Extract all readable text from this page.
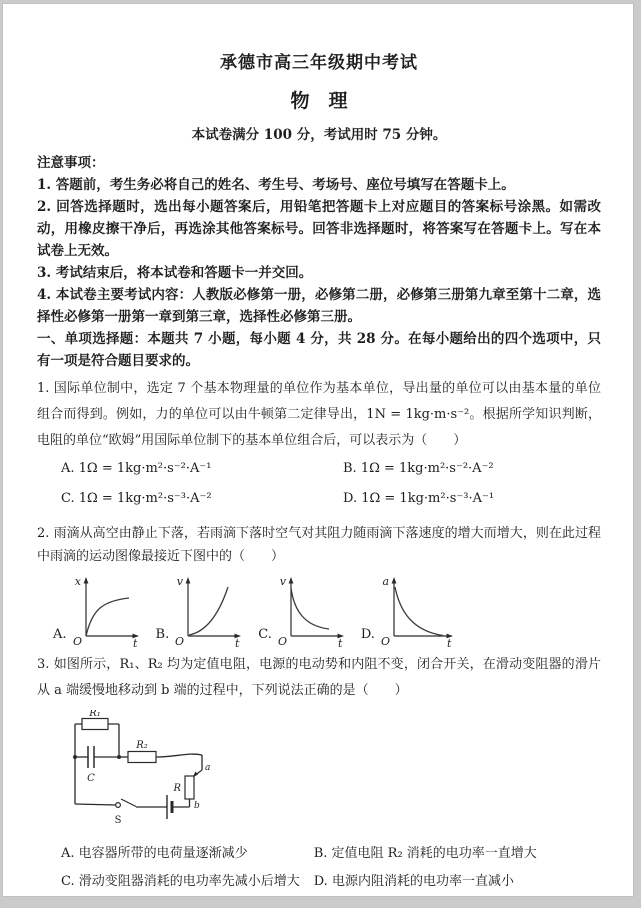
承德市高三年级期中考试
物　理
本试卷满分 100 分，考试用时 75 分钟。
注意事项：
1. 答题前，考生务必将自己的姓名、考生号、考场号、座位号填写在答题卡上。
2. 回答选择题时，选出每小题答案后，用铅笔把答题卡上对应题目的答案标号涂黑。如需改动，用橡皮擦干净后，再选涂其他答案标号。回答非选择题时，将答案写在答题卡上。写在本试卷上无效。
3. 考试结束后，将本试卷和答题卡一并交回。
4. 本试卷主要考试内容：人教版必修第一册，必修第二册，必修第三册第九章至第十二章，选择性必修第一册第一章到第三章，选择性必修第三册。
一、单项选择题：本题共 7 小题，每小题 4 分，共 28 分。在每小题给出的四个选项中，只有一项是符合题目要求的。

1. 国际单位制中，选定 7 个基本物理量的单位作为基本单位，导出量的单位可以由基本量的单位组合而得到。例如，力的单位可以由牛顿第二定律导出，1N = 1kg·m·s⁻²。根据所学知识判断，电阻的单位“欧姆”用国际单位制下的基本单位组合后，可以表示为（　　）

A. 1Ω = 1kg·m²·s⁻²·A⁻¹	B. 1Ω = 1kg·m²·s⁻²·A⁻²
C. 1Ω = 1kg·m²·s⁻³·A⁻²	D. 1Ω = 1kg·m²·s⁻³·A⁻¹

2. 雨滴从高空由静止下落，若雨滴下落时空气对其阻力随雨滴下落速度的增大而增大，则在此过程中雨滴的运动图像最接近下图中的（　　）

A.
x
O	t
B.
v
O	t
C.
v
O	t
D.
a
O	t

3. 如图所示，R₁、R₂ 均为定值电阻，电源的电动势和内阻不变，闭合开关，在滑动变阻器的滑片从 a 端缓慢地移动到 b 端的过程中，下列说法正确的是（　　）

R₁
C
R₂
a
R
b
S
A. 电容器所带的电荷量逐渐减少	B. 定值电阻 R₂ 消耗的电功率一直增大
C. 滑动变阻器消耗的电功率先减小后增大	D. 电源内阻消耗的电功率一直减小
